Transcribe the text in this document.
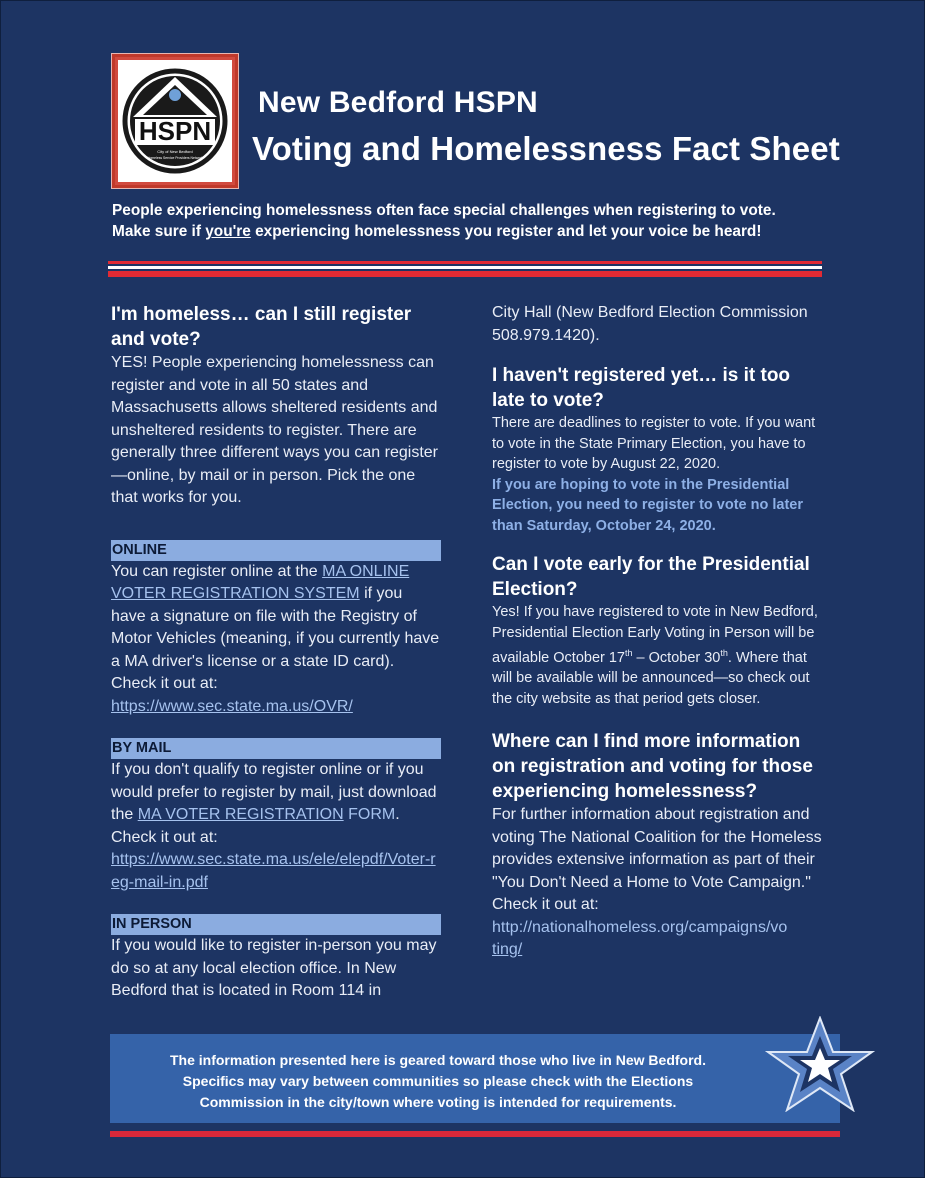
HSPN
City of New Bedford
Homeless Service Providers Network
New Bedford HSPN
Voting and Homelessness Fact Sheet
People experiencing homelessness often face special challenges when registering to vote.
Make sure if you're experiencing homelessness you register and let your voice be heard!
I'm homeless… can I still register and vote?

YES! People experiencing homelessness can register and vote in all 50 states and Massachusetts allows sheltered residents and unsheltered residents to register. There are generally three different ways you can register—online, by mail or in person. Pick the one that works for you.

ONLINE

You can register online at the MA ONLINE VOTER REGISTRATION SYSTEM if you have a signature on file with the Registry of Motor Vehicles (meaning, if you currently have a MA driver's license or a state ID card). Check it out at:
https://www.sec.state.ma.us/OVR/

BY MAIL

If you don't qualify to register online or if you would prefer to register by mail, just download the MA VOTER REGISTRATION FORM. Check it out at:
https://www.sec.state.ma.us/ele/elepdf/Voter-reg-mail-in.pdf

IN PERSON

If you would like to register in-person you may do so at any local election office. In New Bedford that is located in Room 114 in

City Hall (New Bedford Election Commission 508.979.1420).

I haven't registered yet… is it too late to vote?

There are deadlines to register to vote. If you want to vote in the State Primary Election, you have to register to vote by August 22, 2020.

If you are hoping to vote in the Presidential Election, you need to register to vote no later than Saturday, October 24, 2020.

Can I vote early for the Presidential Election?

Yes! If you have registered to vote in New Bedford, Presidential Election Early Voting in Person will be available October 17th – October 30th. Where that will be available will be announced—so check out the city website as that period gets closer.

Where can I find more information on registration and voting for those experiencing homelessness?

For further information about registration and voting The National Coalition for the Homeless provides extensive information as part of their "You Don't Need a Home to Vote Campaign." Check it out at:

http://nationalhomeless.org/campaigns/vo
ting/

The information presented here is geared toward those who live in New Bedford.
Specifics may vary between communities so please check with the Elections
Commission in the city/town where voting is intended for requirements.
